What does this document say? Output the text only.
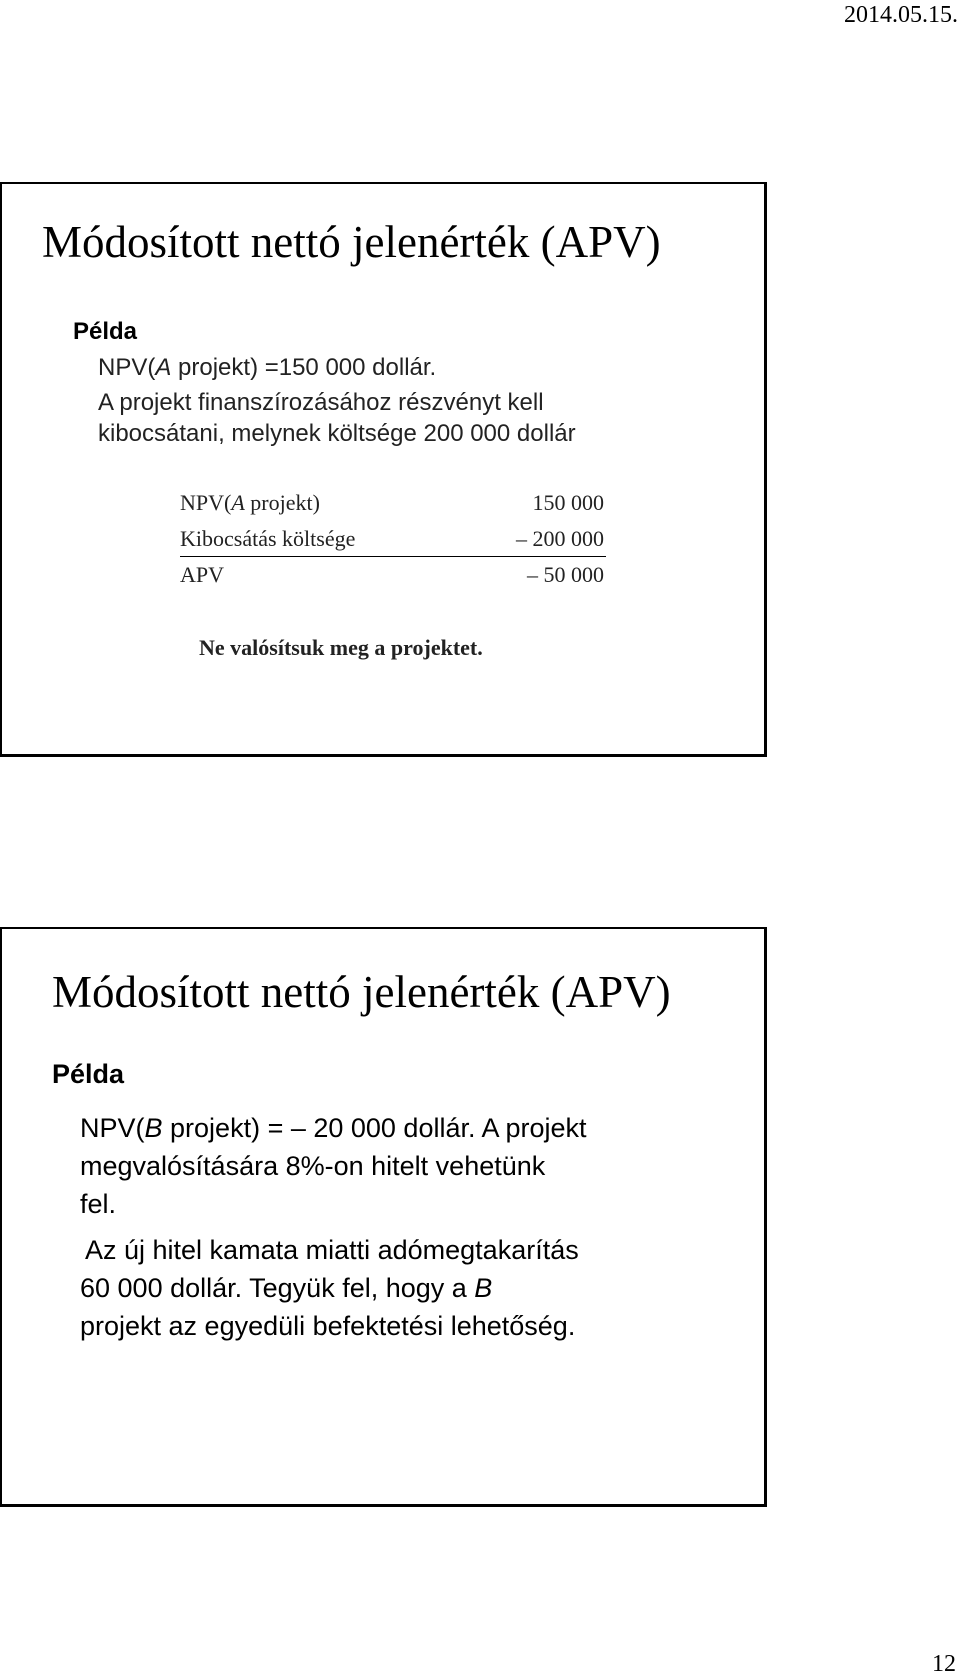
2014.05.15.
Módosított nettó jelenérték (APV)
Példa
NPV(A projekt) =150 000 dollár.
A projekt finanszírozásához részvényt kell
kibocsátani, melynek költsége 200 000 dollár
NPV(A projekt)	150 000
Kibocsátás költsége	– 200 000
APV	– 50 000
Ne valósítsuk meg a projektet.
Módosított nettó jelenérték (APV)
Példa
NPV(B projekt) = – 20 000 dollár. A projekt
megvalósítására 8%-on hitelt vehetünk
fel.
Az új hitel kamata miatti adómegtakarítás
60 000 dollár. Tegyük fel, hogy a B
projekt az egyedüli befektetési lehetőség.
12
